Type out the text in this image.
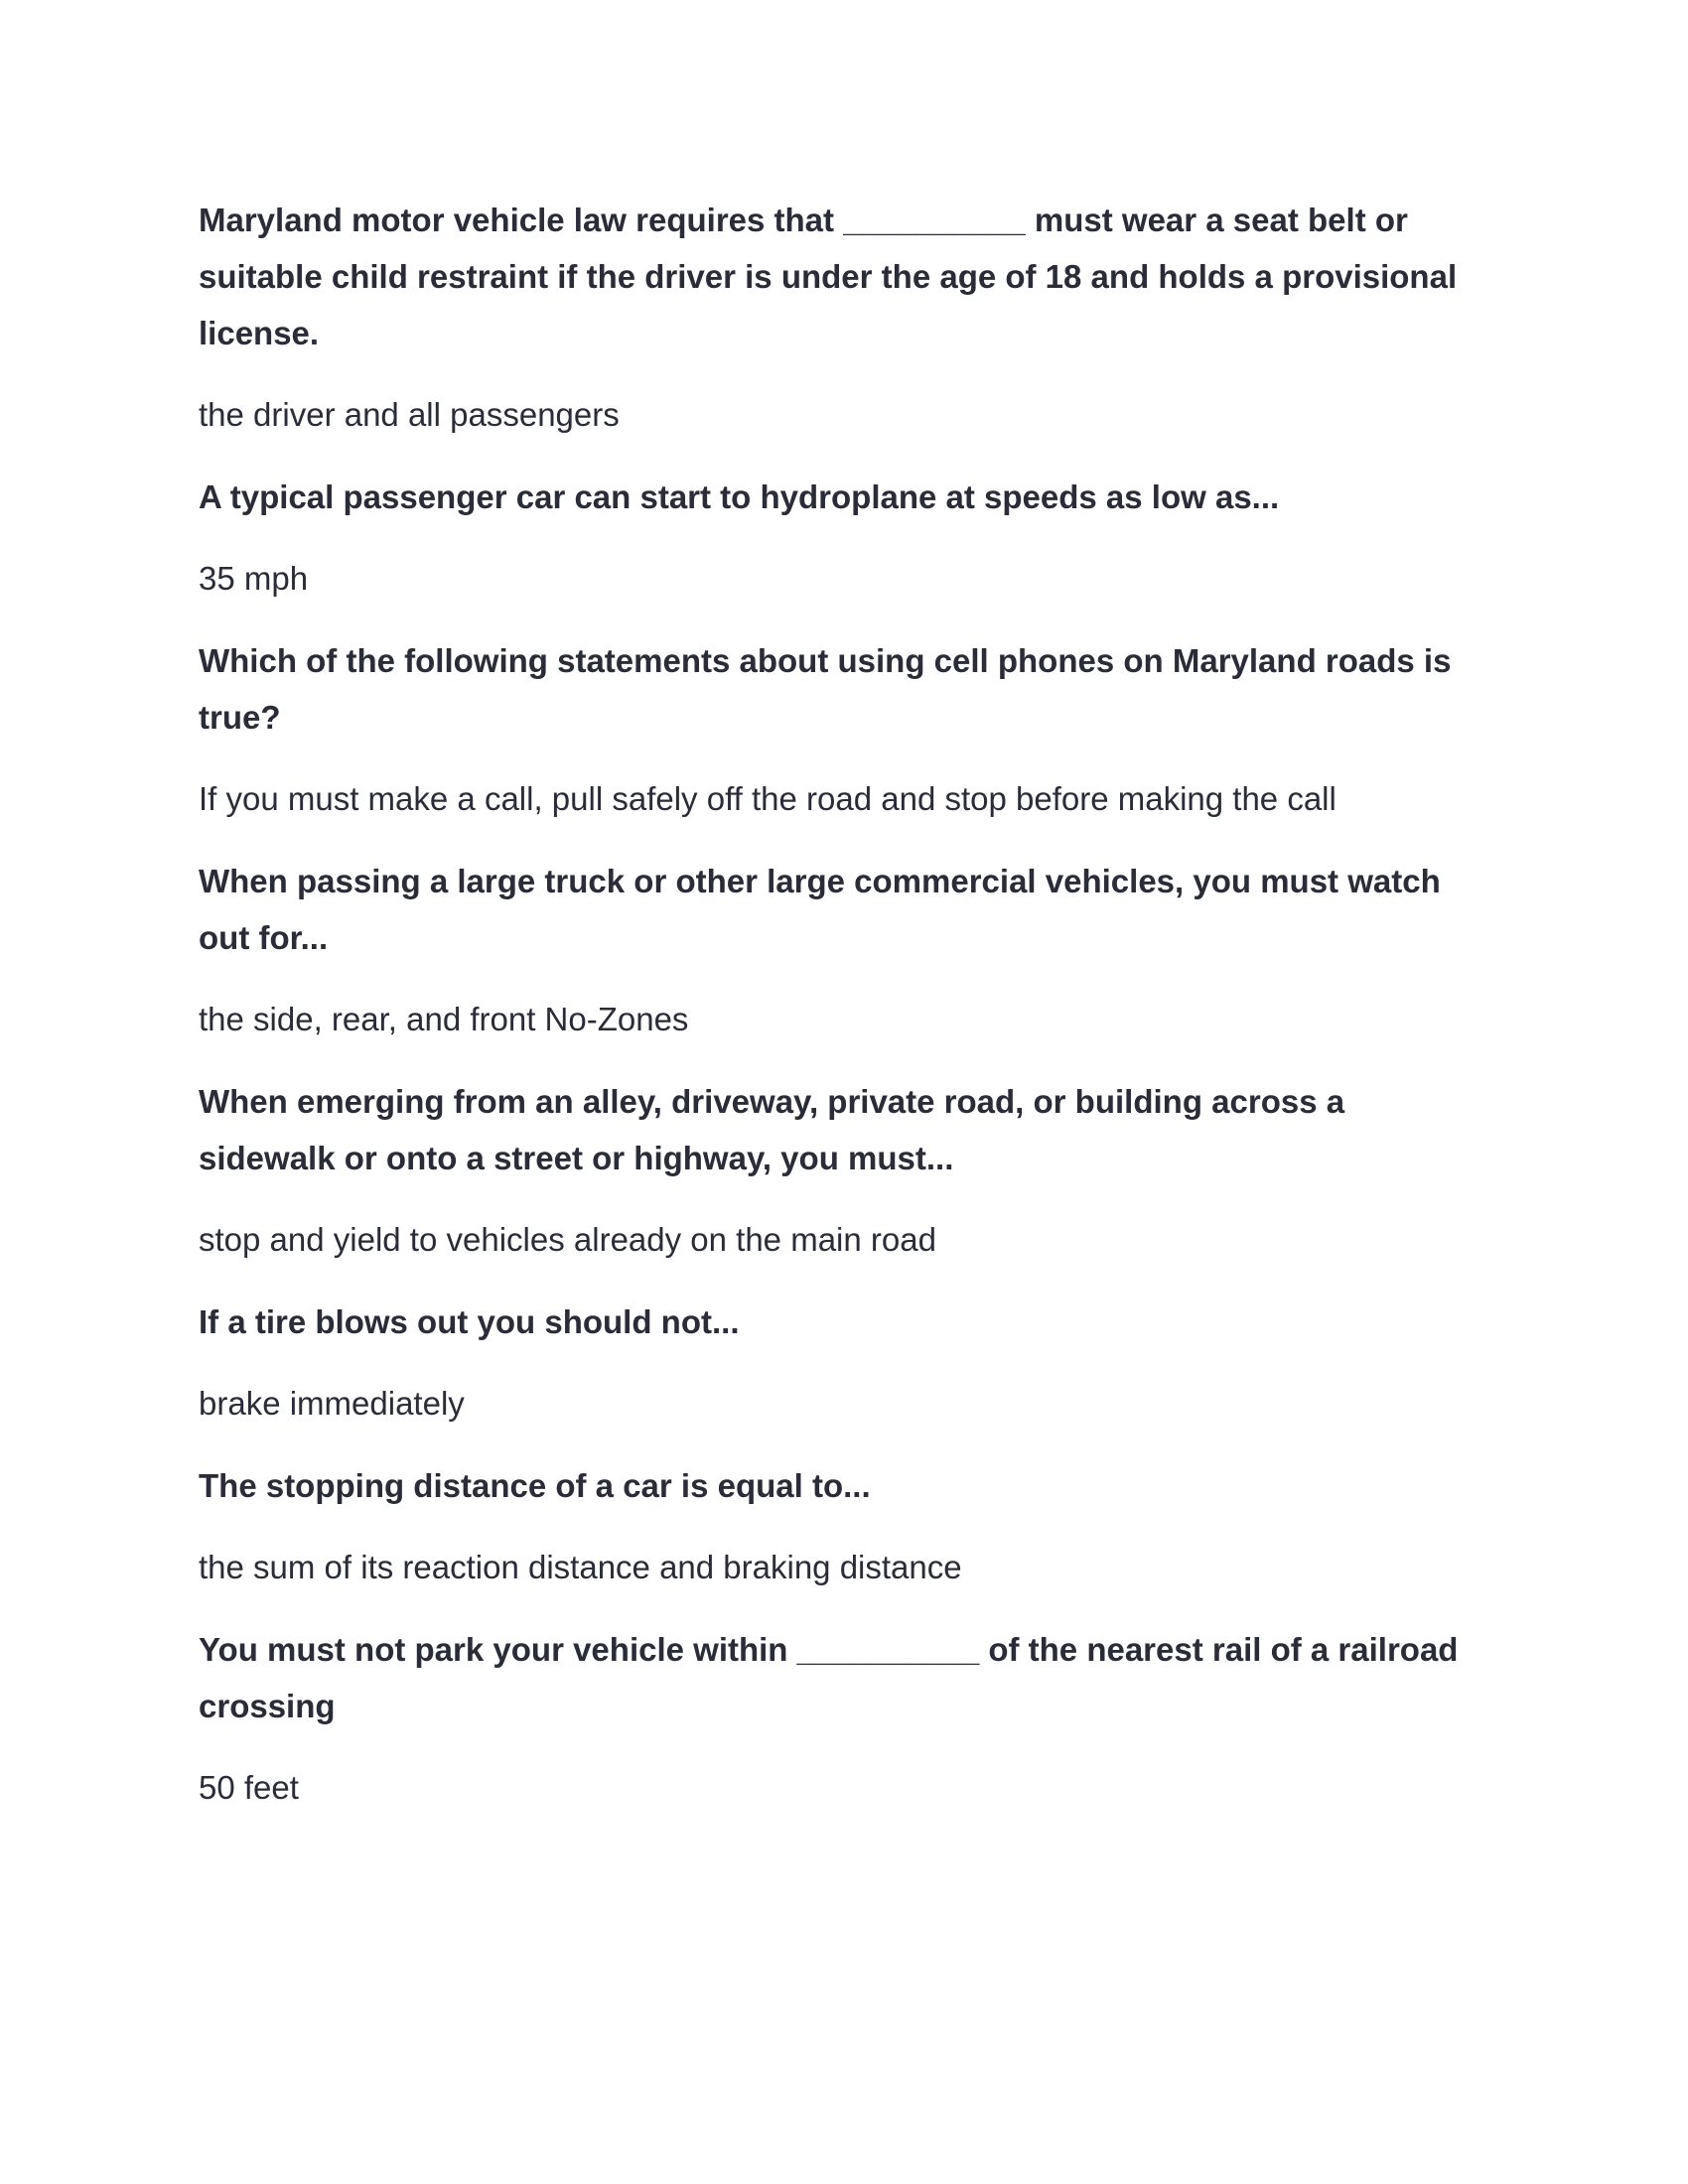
Maryland motor vehicle law requires that __________ must wear a seat belt or suitable child restraint if the driver is under the age of 18 and holds a provisional license.

the driver and all passengers

A typical passenger car can start to hydroplane at speeds as low as...

35 mph

Which of the following statements about using cell phones on Maryland roads is true?

If you must make a call, pull safely off the road and stop before making the call

When passing a large truck or other large commercial vehicles, you must watch out for...

the side, rear, and front No-Zones

When emerging from an alley, driveway, private road, or building across a sidewalk or onto a street or highway, you must...

stop and yield to vehicles already on the main road

If a tire blows out you should not...

brake immediately

The stopping distance of a car is equal to...

the sum of its reaction distance and braking distance

You must not park your vehicle within __________ of the nearest rail of a railroad crossing

50 feet
